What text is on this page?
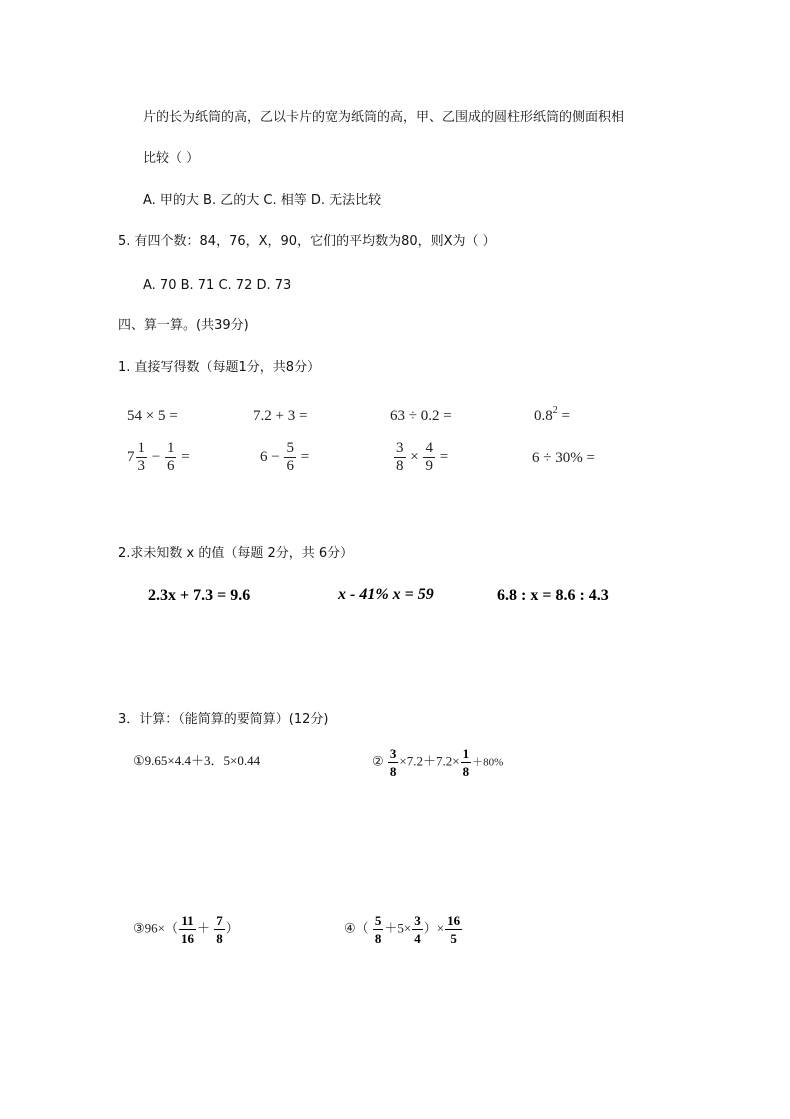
片的长为纸筒的高，乙以卡片的宽为纸筒的高，甲、乙围成的圆柱形纸筒的侧面积相
比较（ ）
A. 甲的大 B. 乙的大 C. 相等 D. 无法比较
5. 有四个数：84，76，X，90，它们的平均数为80，则X为（ ）
A. 70 B. 71 C. 72 D. 73
四、算一算。(共39分)
1. 直接写得数（每题1分，共8分）
54 × 5 =	7.2 + 3 =	63 ÷ 0.2 =	$0.8^2$ =
$7 \frac{1}{3} - \frac{1}{6}$ =	$6 - \frac{5}{6}$ =	$\frac{3}{8} \times \frac{4}{9}$ =	6 ÷ 30% =
2.求未知数 x 的值（每题 2分，共 6分）
2.3x + 7.3 = 9.6	x - 41% x = 59	6.8 : x = 8.6 : 4.3
3．计算：（能简算的要简算）(12分)
①9.65×4.4＋3．5×0.44	② $\frac{3}{8} \times 7.2+7.2\times \frac{1}{8} +80\%$
③96×（ $\frac{11}{16} + \frac{7}{8}$ ）	④（ $\frac{5}{8} +5\times \frac{3}{4}$ ）× $\frac{16}{5}$
